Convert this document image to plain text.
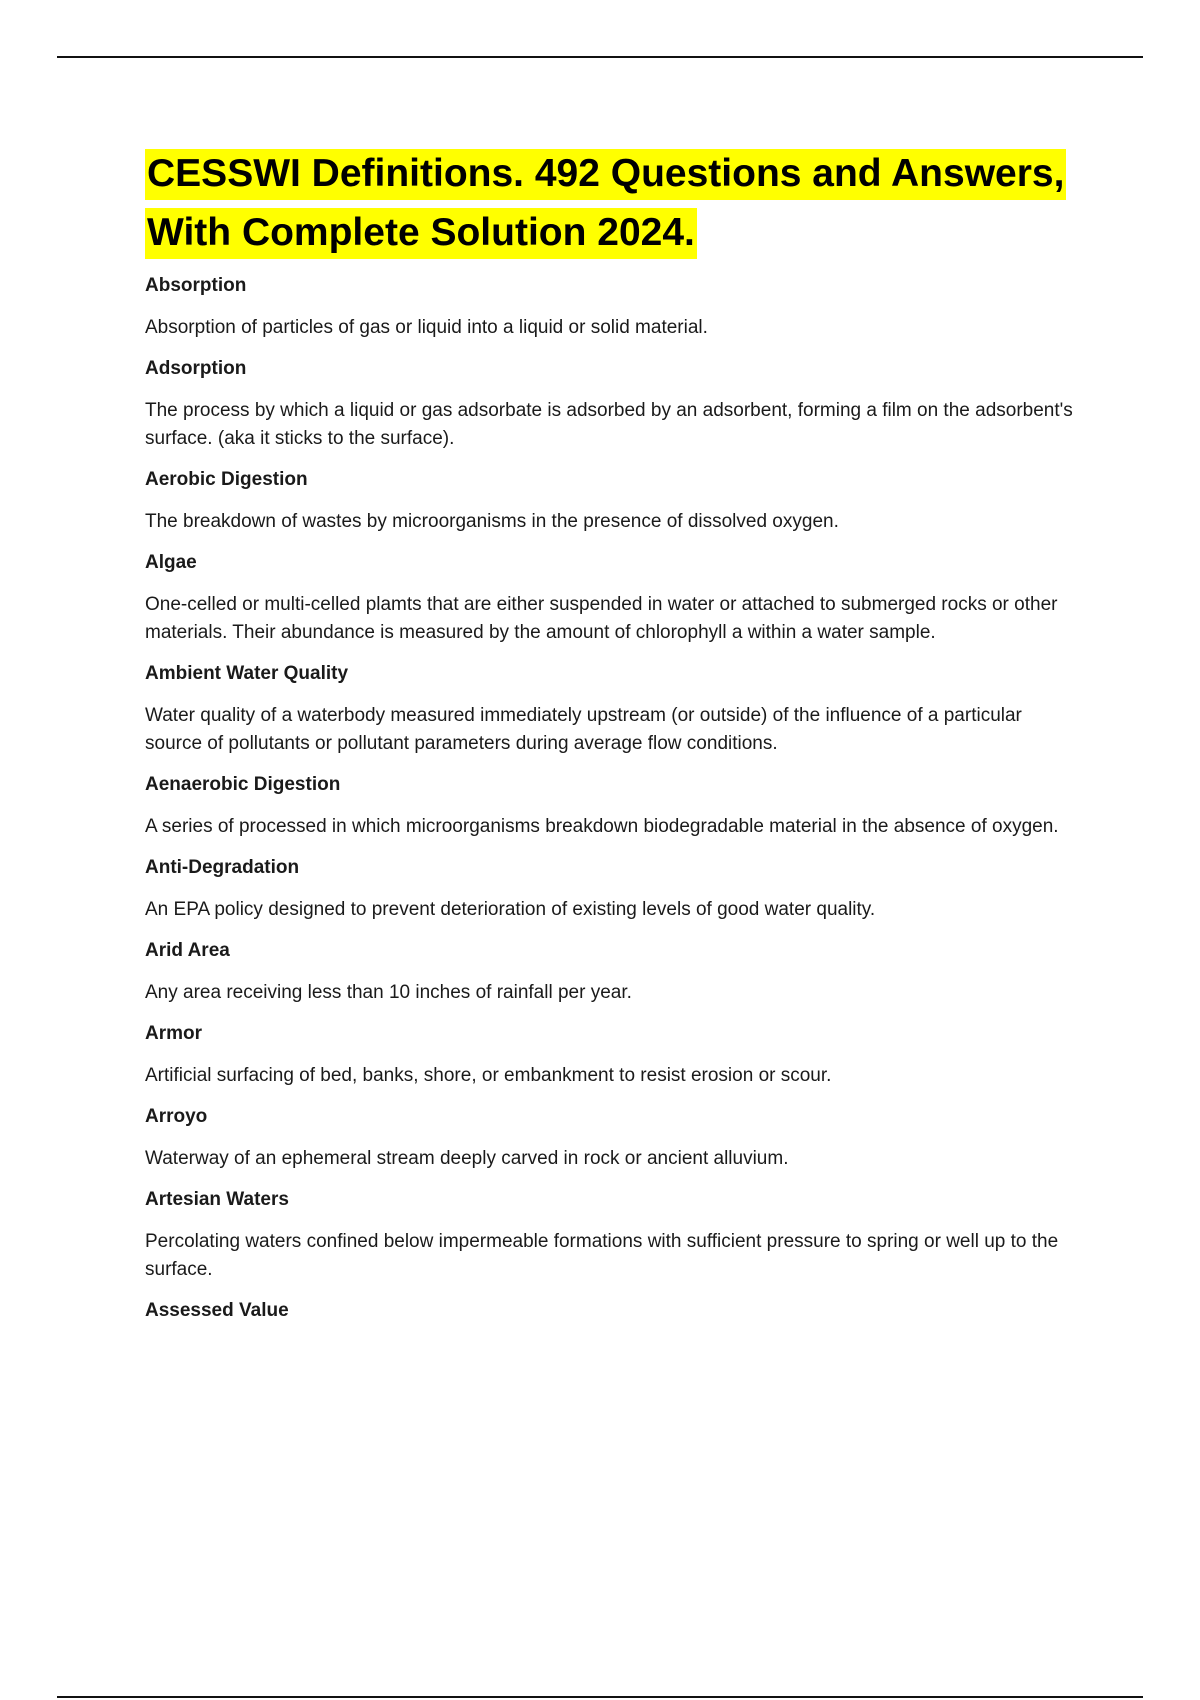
CESSWI Definitions. 492 Questions and Answers, With Complete Solution 2024.
Absorption
Absorption of particles of gas or liquid into a liquid or solid material.
Adsorption
The process by which a liquid or gas adsorbate is adsorbed by an adsorbent, forming a film on the adsorbent's surface. (aka it sticks to the surface).
Aerobic Digestion
The breakdown of wastes by microorganisms in the presence of dissolved oxygen.
Algae
One-celled or multi-celled plamts that are either suspended in water or attached to submerged rocks or other materials. Their abundance is measured by the amount of chlorophyll a within a water sample.
Ambient Water Quality
Water quality of a waterbody measured immediately upstream (or outside) of the influence of a particular source of pollutants or pollutant parameters during average flow conditions.
Aenaerobic Digestion
A series of processed in which microorganisms breakdown biodegradable material in the absence of oxygen.
Anti-Degradation
An EPA policy designed to prevent deterioration of existing levels of good water quality.
Arid Area
Any area receiving less than 10 inches of rainfall per year.
Armor
Artificial surfacing of bed, banks, shore, or embankment to resist erosion or scour.
Arroyo
Waterway of an ephemeral stream deeply carved in rock or ancient alluvium.
Artesian Waters
Percolating waters confined below impermeable formations with sufficient pressure to spring or well up to the surface.
Assessed Value
